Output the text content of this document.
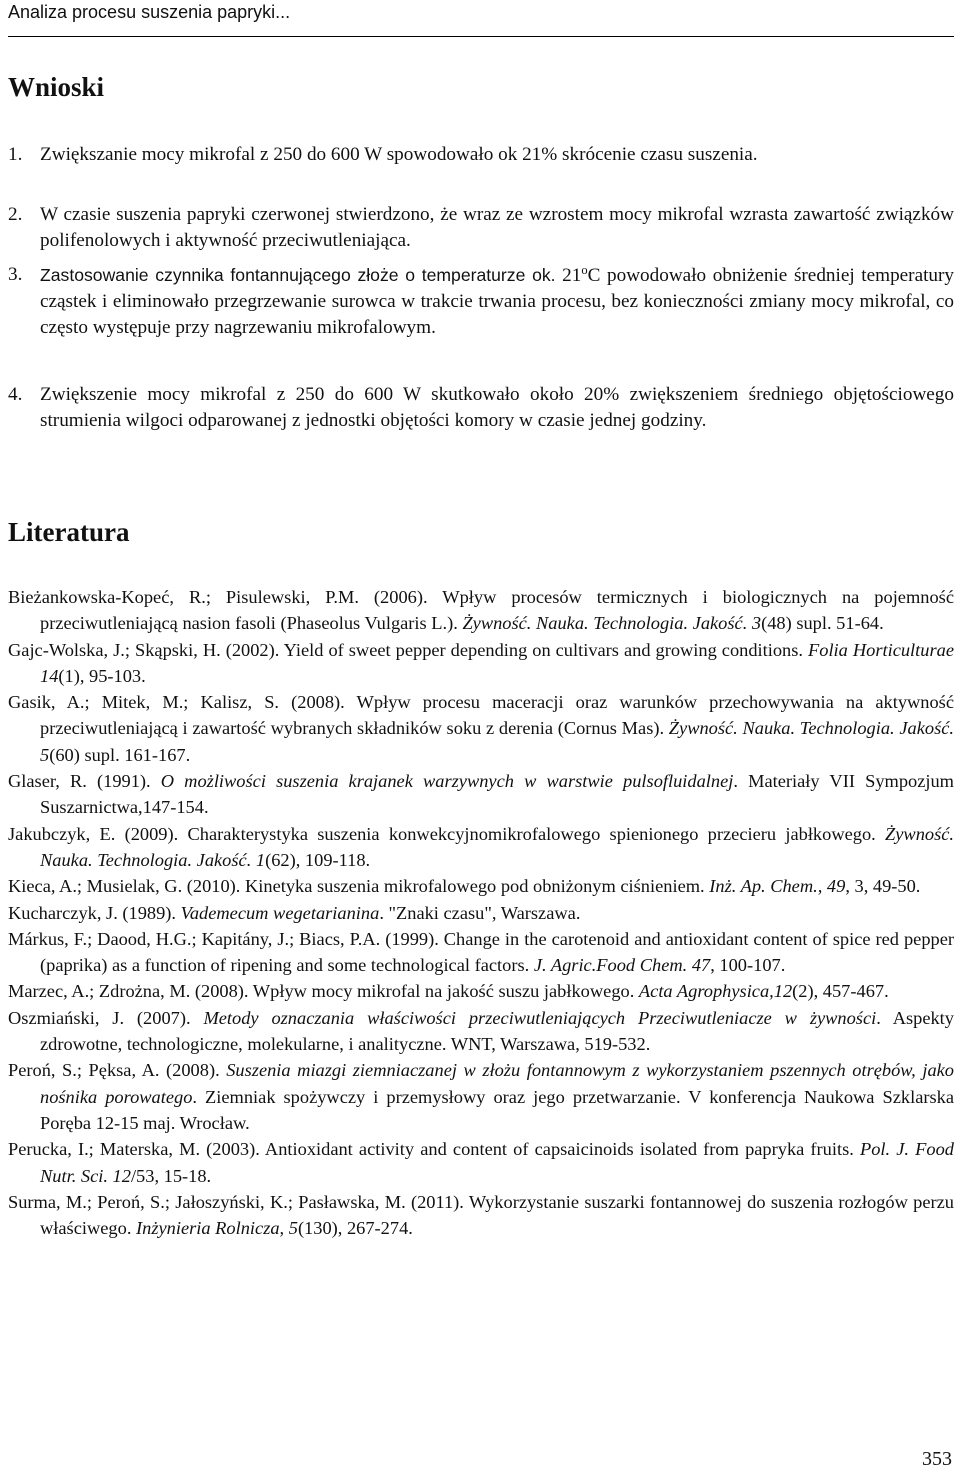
Analiza procesu suszenia papryki...
Wnioski
1. Zwiększanie mocy mikrofal z 250 do 600 W spowodowało ok 21% skrócenie czasu suszenia.
2. W czasie suszenia papryki czerwonej stwierdzono, że wraz ze wzrostem mocy mikrofal wzrasta zawartość związków polifenolowych i aktywność przeciwutleniająca.
3. Zastosowanie czynnika fontannującego złoże o temperaturze ok. 21$^o$C powodowało obniżenie średniej temperatury cząstek i eliminowało przegrzewanie surowca w trakcie trwania procesu, bez konieczności zmiany mocy mikrofal, co często występuje przy nagrzewaniu mikrofalowym.
4. Zwiększenie mocy mikrofal z 250 do 600 W skutkowało około 20% zwiększeniem średniego objętościowego strumienia wilgoci odparowanej z jednostki objętości komory w czasie jednej godziny.
Literatura

Bieżankowska-Kopeć, R.; Pisulewski, P.M. (2006). Wpływ procesów termicznych i biologicznych na pojemność przeciwutleniającą nasion fasoli (Phaseolus Vulgaris L.). Żywność. Nauka. Technologia. Jakość. 3(48) supl. 51-64.

Gajc-Wolska, J.; Skąpski, H. (2002). Yield of sweet pepper depending on cultivars and growing conditions. Folia Horticulturae 14(1), 95-103.

Gasik, A.; Mitek, M.; Kalisz, S. (2008). Wpływ procesu maceracji oraz warunków przechowywania na aktywność przeciwutleniającą i zawartość wybranych składników soku z derenia (Cornus Mas). Żywność. Nauka. Technologia. Jakość. 5(60) supl. 161-167.

Glaser, R. (1991). O możliwości suszenia krajanek warzywnych w warstwie pulsofluidalnej. Materiały VII Sympozjum Suszarnictwa,147-154.

Jakubczyk, E. (2009). Charakterystyka suszenia konwekcyjnomikrofalowego spienionego przecieru jabłkowego. Żywność. Nauka. Technologia. Jakość. 1(62), 109-118.

Kieca, A.; Musielak, G. (2010). Kinetyka suszenia mikrofalowego pod obniżonym ciśnieniem. Inż. Ap. Chem., 49, 3, 49-50.

Kucharczyk, J. (1989). Vademecum wegetarianina. "Znaki czasu", Warszawa.

Márkus, F.; Daood, H.G.; Kapitány, J.; Biacs, P.A. (1999). Change in the carotenoid and antioxidant content of spice red pepper (paprika) as a function of ripening and some technological factors. J. Agric.Food Chem. 47, 100-107.

Marzec, A.; Zdrożna, M. (2008). Wpływ mocy mikrofal na jakość suszu jabłkowego. Acta Agrophysica,12(2), 457-467.

Oszmiański, J. (2007). Metody oznaczania właściwości przeciwutleniających Przeciwutleniacze w żywności. Aspekty zdrowotne, technologiczne, molekularne, i analityczne. WNT, Warszawa, 519-532.

Peroń, S.; Pęksa, A. (2008). Suszenia miazgi ziemniaczanej w złożu fontannowym z wykorzystaniem pszennych otrębów, jako nośnika porowatego. Ziemniak spożywczy i przemysłowy oraz jego przetwarzanie. V konferencja Naukowa Szklarska Poręba 12-15 maj. Wrocław.

Perucka, I.; Materska, M. (2003). Antioxidant activity and content of capsaicinoids isolated from papryka fruits. Pol. J. Food Nutr. Sci. 12/53, 15-18.

Surma, M.; Peroń, S.; Jałoszyński, K.; Pasławska, M. (2011). Wykorzystanie suszarki fontannowej do suszenia rozłogów perzu właściwego. Inżynieria Rolnicza, 5(130), 267-274.

353
